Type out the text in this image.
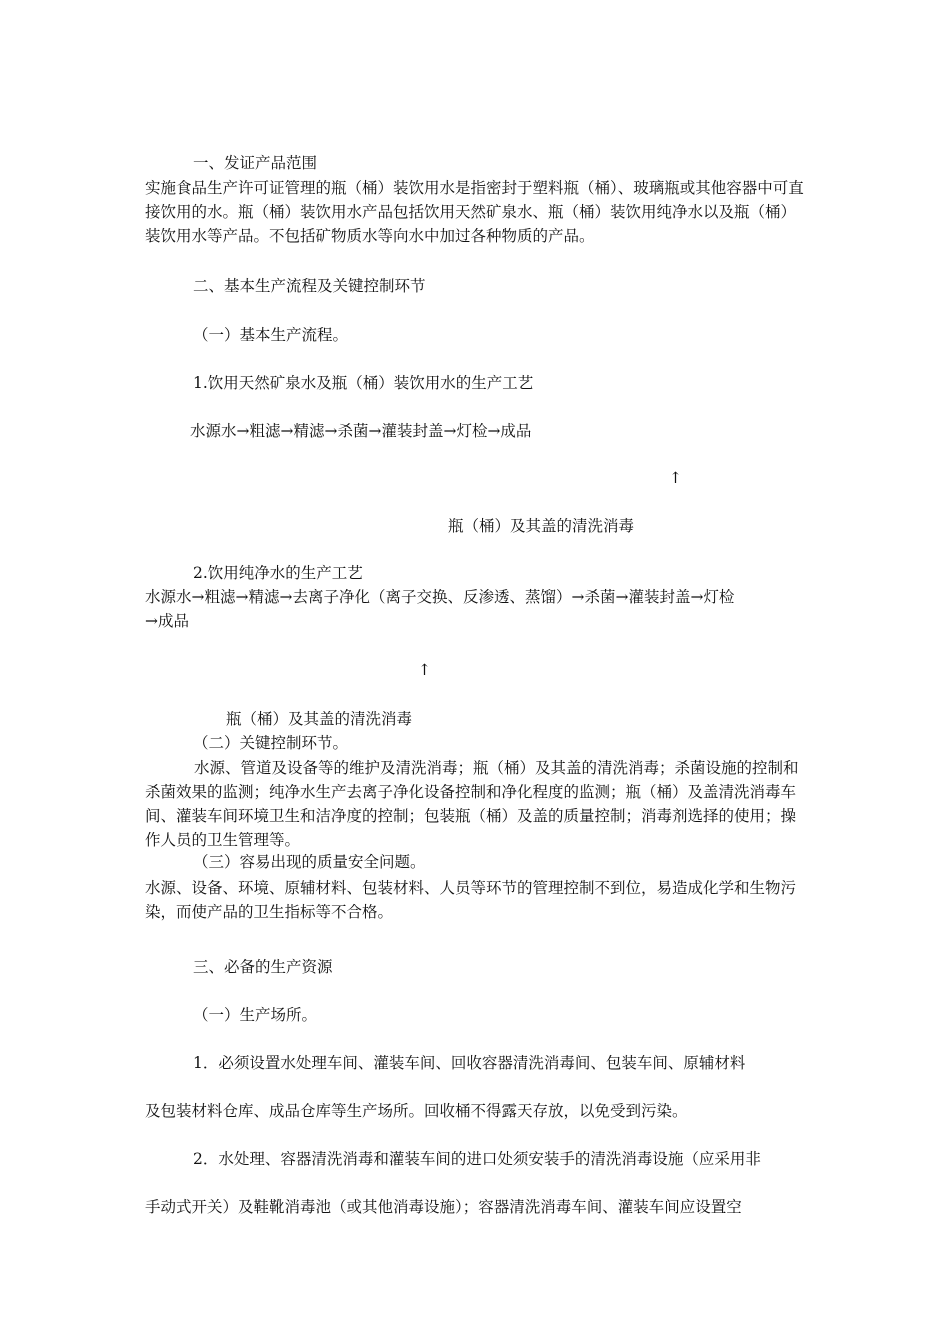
一、发证产品范围

实施食品生产许可证管理的瓶（桶）装饮用水是指密封于塑料瓶（桶）、玻璃瓶或其他容器中可直接饮用的水。瓶（桶）装饮用水产品包括饮用天然矿泉水、瓶（桶）装饮用纯净水以及瓶（桶）装饮用水等产品。不包括矿物质水等向水中加过各种物质的产品。

二、基本生产流程及关键控制环节

（一）基本生产流程。

1.饮用天然矿泉水及瓶（桶）装饮用水的生产工艺

水源水→粗滤→精滤→杀菌→灌装封盖→灯检→成品

↑

瓶（桶）及其盖的清洗消毒

2.饮用纯净水的生产工艺

水源水→粗滤→精滤→去离子净化（离子交换、反渗透、蒸馏）→杀菌→灌装封盖→灯检

→成品

↑

瓶（桶）及其盖的清洗消毒

（二）关键控制环节。

水源、管道及设备等的维护及清洗消毒；瓶（桶）及其盖的清洗消毒；杀菌设施的控制和杀菌效果的监测；纯净水生产去离子净化设备控制和净化程度的监测；瓶（桶）及盖清洗消毒车间、灌装车间环境卫生和洁净度的控制；包装瓶（桶）及盖的质量控制；消毒剂选择的使用；操作人员的卫生管理等。

（三）容易出现的质量安全问题。

水源、设备、环境、原辅材料、包装材料、人员等环节的管理控制不到位，易造成化学和生物污染，而使产品的卫生指标等不合格。

三、必备的生产资源

（一）生产场所。

1．必须设置水处理车间、灌装车间、回收容器清洗消毒间、包装车间、原辅材料

及包装材料仓库、成品仓库等生产场所。回收桶不得露天存放，以免受到污染。

2．水处理、容器清洗消毒和灌装车间的进口处须安装手的清洗消毒设施（应采用非

手动式开关）及鞋靴消毒池（或其他消毒设施）；容器清洗消毒车间、灌装车间应设置空
